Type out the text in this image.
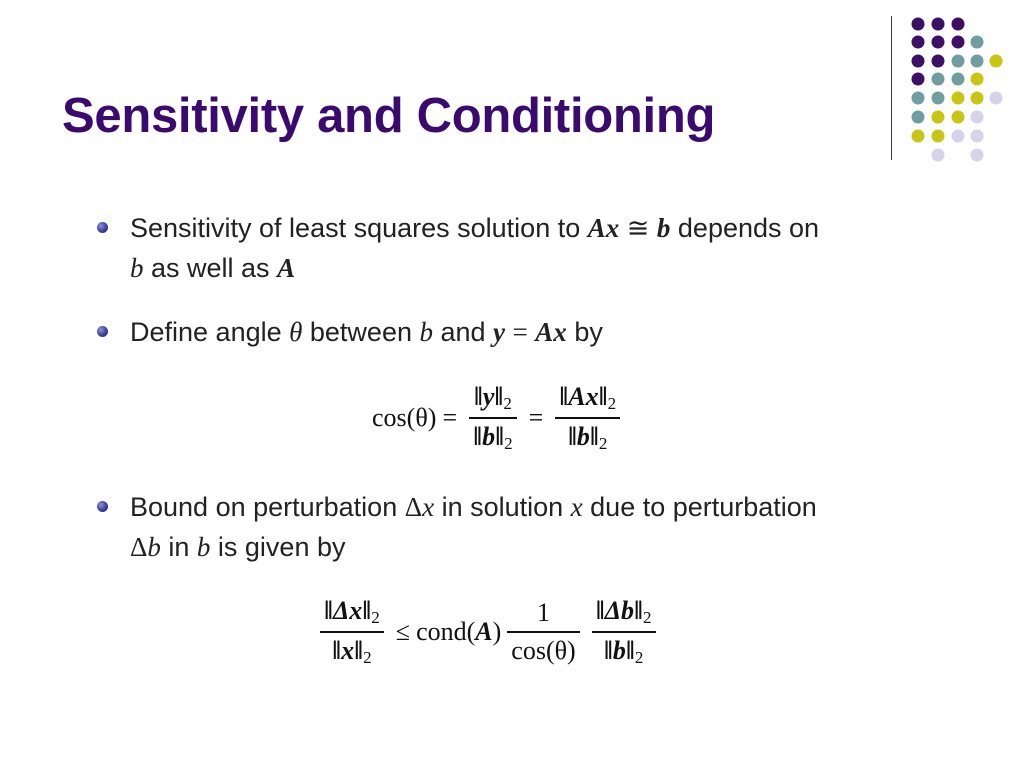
Sensitivity and Conditioning
Sensitivity of least squares solution to Ax ≅ b depends on
b as well as A
Define angle θ between b and y = Ax by
$\cos(\theta) = \frac{‖y‖_2}{‖b‖_2} = \frac{‖Ax‖_2}{‖b‖_2}$
Bound on perturbation Δx in solution x due to perturbation
Δb in b is given by
$\frac{‖\Delta x‖_2}{‖x‖_2}$ ≤ cond( A ) $\frac{1}{\cos(\theta)} \frac{‖\Delta b‖_2}{‖b‖_2}$
